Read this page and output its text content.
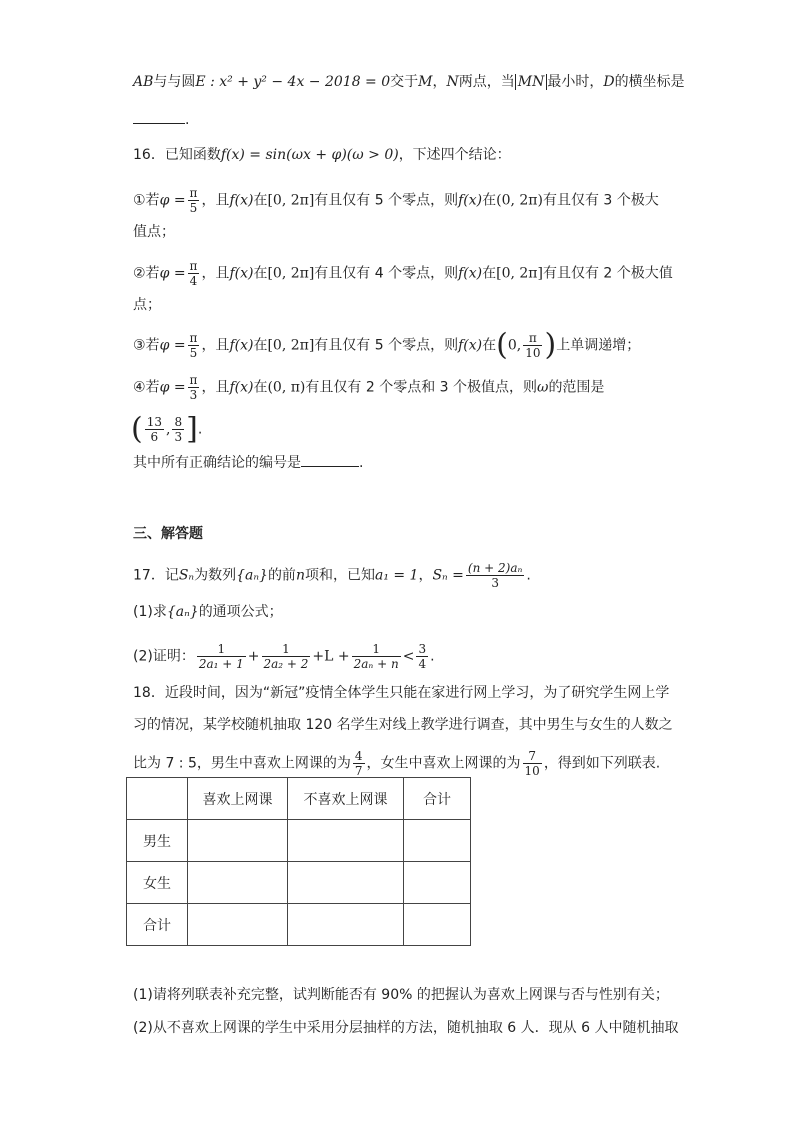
AB与与圆E : x² + y² − 4x − 2018 = 0交于M，N两点，当 MN 最小时，D的横坐标是
.
16．已知函数f(x) = sin(ωx + φ)(ω > 0)，下述四个结论：
①若$\varphi = \frac{\pi}{5}$ ，且f(x)在[0, 2π]有且仅有 5 个零点，则f(x)在(0, 2π)有且仅有 3 个极大
值点；
②若$\varphi = \frac{\pi}{4}$ ，且f(x)在[0, 2π]有且仅有 4 个零点，则f(x)在[0, 2π]有且仅有 2 个极大值
点；
③若$\varphi = \frac{\pi}{5}$ ，且f(x)在[0, 2π]有且仅有 5 个零点，则f(x)在(0, $\frac{\pi}{10}$ )上单调递增；
④若$\varphi = \frac{\pi}{3}$ ，且f(x)在(0, π)有且仅有 2 个零点和 3 个极值点，则ω的范围是
( $\frac{13}{6}$ , $\frac{8}{3}$ ].
其中所有正确结论的编号是	.
三、解答题
17．记Sₙ为数列{aₙ}的前n项和，已知a₁ = 1，$S_n = \frac{\text{(n + 2)aₙ}}{3}$ .
(1)求{aₙ}的通项公式；
(2)证明： $\frac{1}{\text{2a₁ + 1}} + \frac{1}{\text{2a₂ + 2}} +L + \frac{1}{\text{2aₙ + n}} < \frac{3}{4}$ .
18．近段时间，因为“新冠”疫情全体学生只能在家进行网上学习，为了研究学生网上学
习的情况，某学校随机抽取 120 名学生对线上教学进行调查，其中男生与女生的人数之
比为 7 : 5，男生中喜欢上网课的为 $\frac{4}{7}$ ，女生中喜欢上网课的为 $\frac{7}{10}$ ，得到如下列联表.
	喜欢上网课	不喜欢上网课	合计
男生			
女生			
合计			
(1)请将列联表补充完整，试判断能否有 90% 的把握认为喜欢上网课与否与性别有关；
(2)从不喜欢上网课的学生中采用分层抽样的方法，随机抽取 6 人．现从 6 人中随机抽取
